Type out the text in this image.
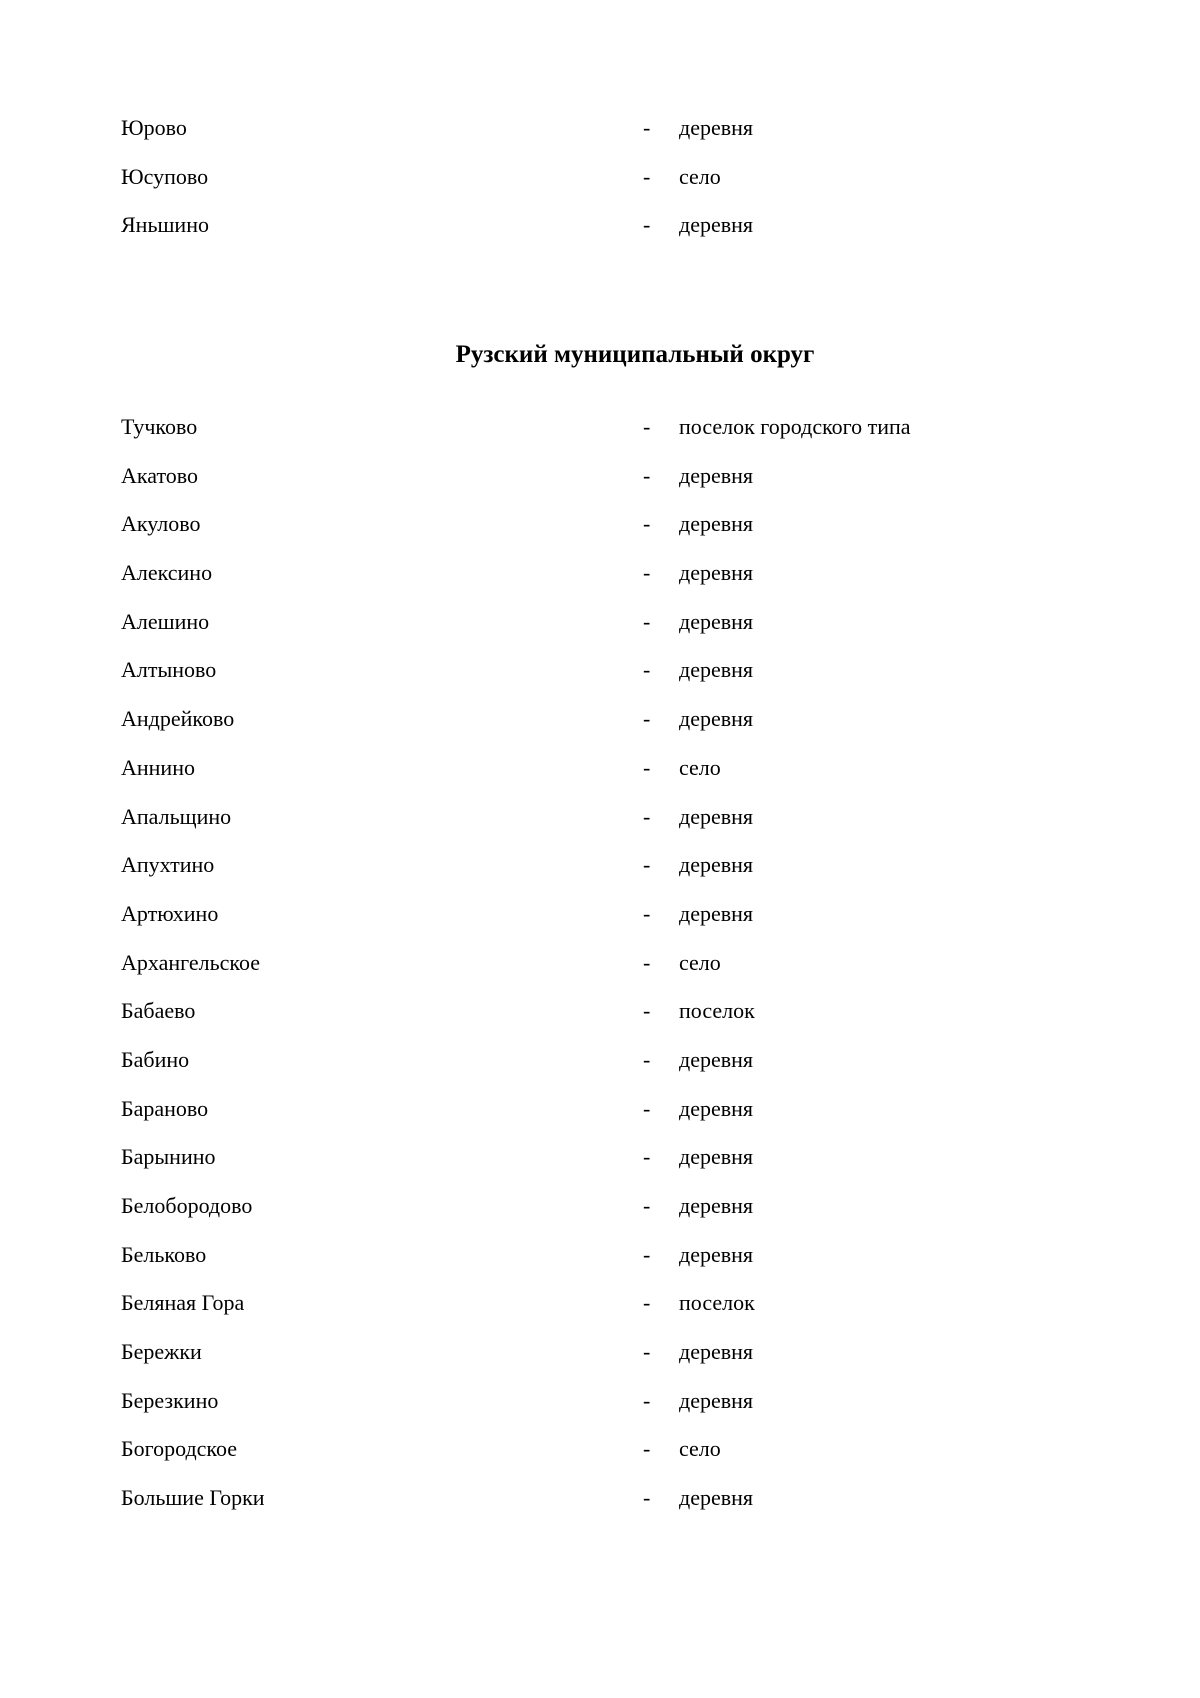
Юрово	- деревня
Юсупово	- село
Яньшино	- деревня
Рузский муниципальный округ
Тучково	- поселок городского типа
Акатово	- деревня
Акулово	- деревня
Алексино	- деревня
Алешино	- деревня
Алтыново	- деревня
Андрейково	- деревня
Аннино	- село
Апальщино	- деревня
Апухтино	- деревня
Артюхино	- деревня
Архангельское	- село
Бабаево	- поселок
Бабино	- деревня
Бараново	- деревня
Барынино	- деревня
Белобородово	- деревня
Бельково	- деревня
Беляная Гора	- поселок
Бережки	- деревня
Березкино	- деревня
Богородское	- село
Большие Горки	- деревня
